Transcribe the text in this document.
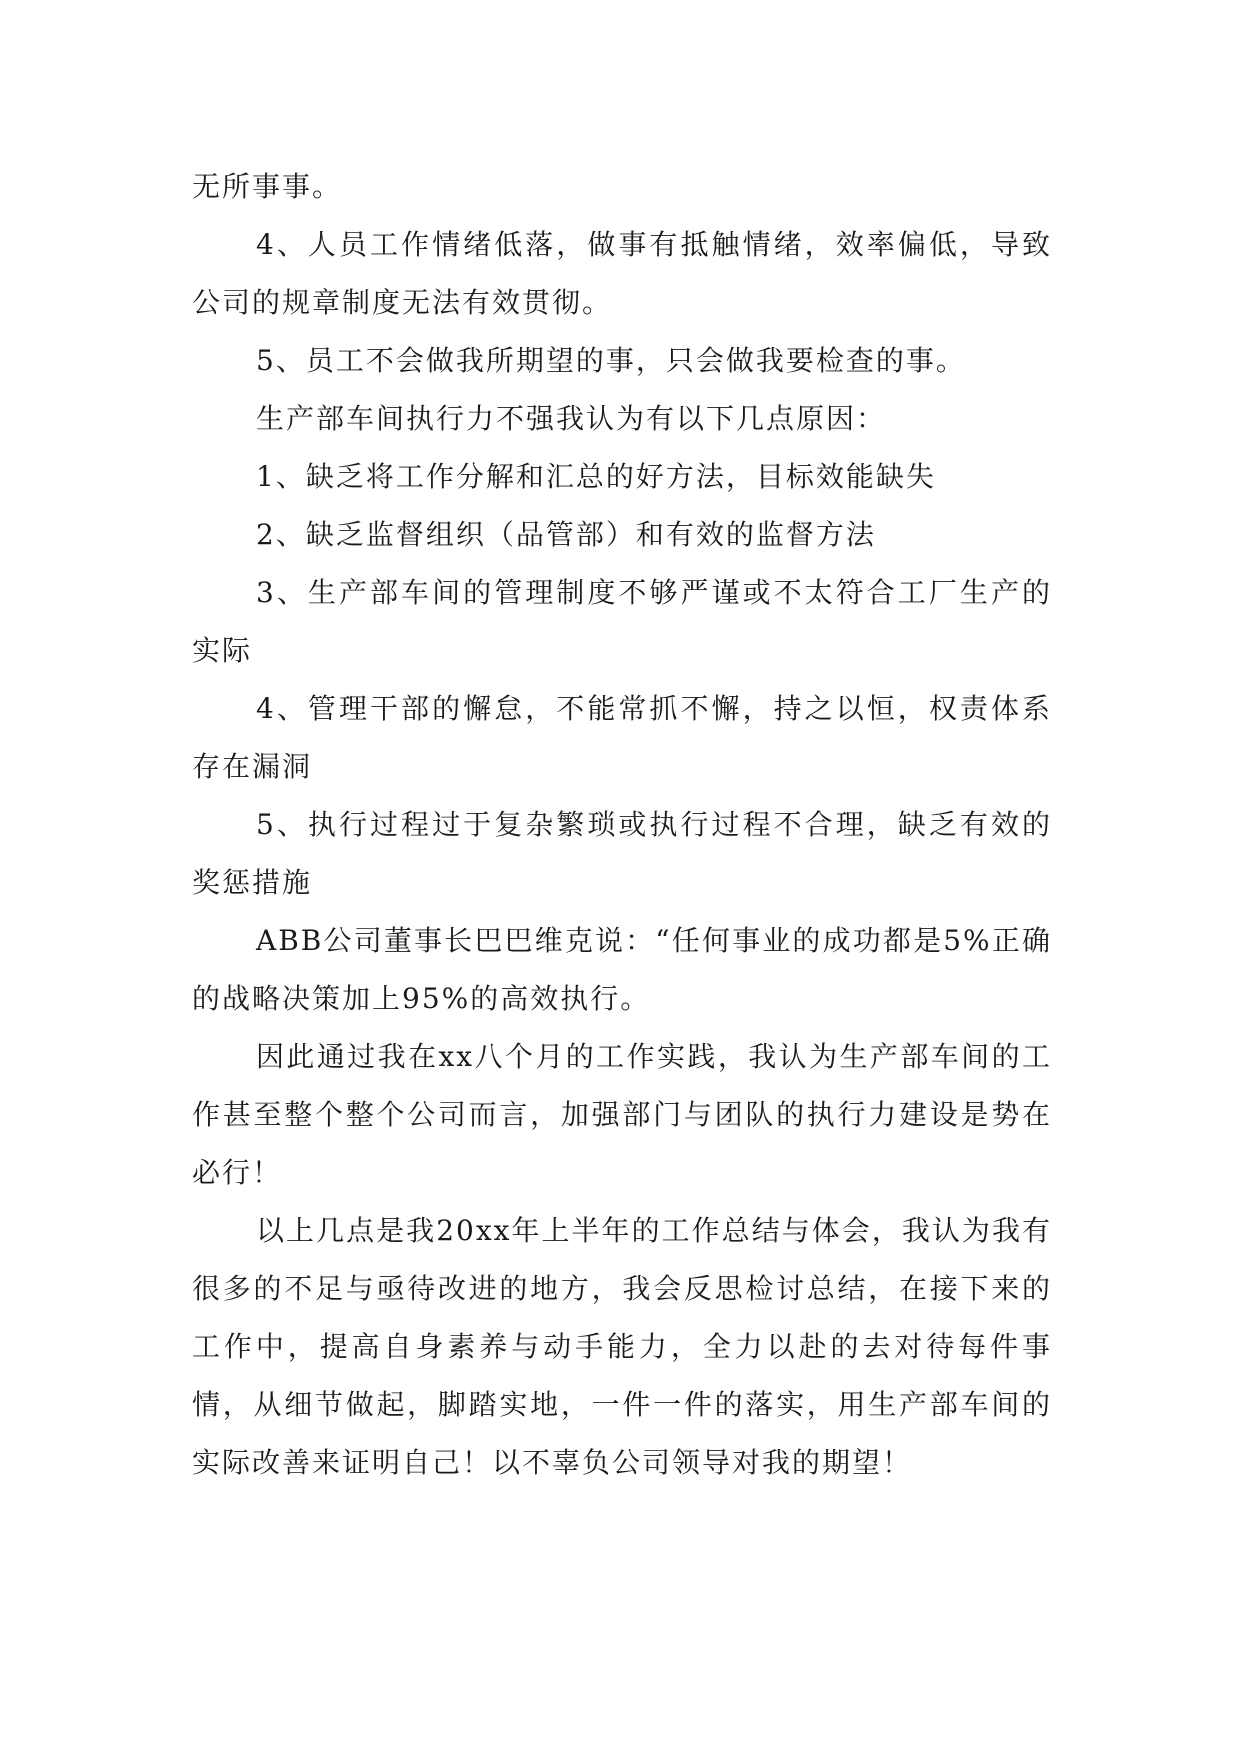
无所事事。

4、人员工作情绪低落，做事有抵触情绪，效率偏低，导致公司的规章制度无法有效贯彻。

5、员工不会做我所期望的事，只会做我要检查的事。

生产部车间执行力不强我认为有以下几点原因：

1、缺乏将工作分解和汇总的好方法，目标效能缺失

2、缺乏监督组织（品管部）和有效的监督方法

3、生产部车间的管理制度不够严谨或不太符合工厂生产的实际

4、管理干部的懈怠，不能常抓不懈，持之以恒，权责体系存在漏洞

5、执行过程过于复杂繁琐或执行过程不合理，缺乏有效的奖惩措施

ABB公司董事长巴巴维克说：“任何事业的成功都是5%正确的战略决策加上95%的高效执行。

因此通过我在xx八个月的工作实践，我认为生产部车间的工作甚至整个整个公司而言，加强部门与团队的执行力建设是势在必行！

以上几点是我20xx年上半年的工作总结与体会，我认为我有很多的不足与亟待改进的地方，我会反思检讨总结，在接下来的工作中，提高自身素养与动手能力，全力以赴的去对待每件事情，从细节做起，脚踏实地，一件一件的落实，用生产部车间的实际改善来证明自己！以不辜负公司领导对我的期望！
